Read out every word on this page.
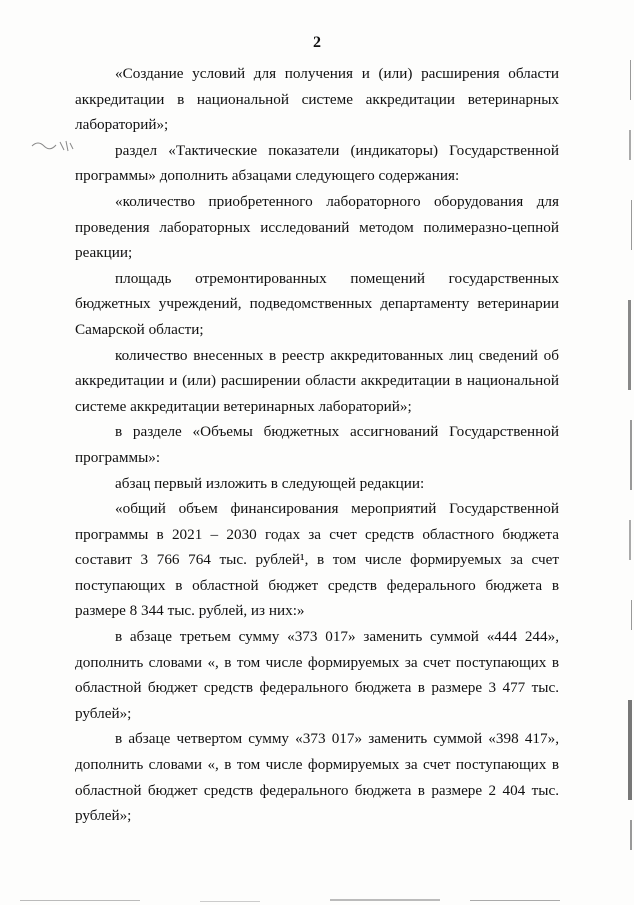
2

«Создание условий для получения и (или) расширения области аккредитации в национальной системе аккредитации ветеринарных лабораторий»;

раздел «Тактические показатели (индикаторы) Государственной программы» дополнить абзацами следующего содержания:

«количество приобретенного лабораторного оборудования для проведения лабораторных исследований методом полимеразно-цепной реакции;

площадь отремонтированных помещений государственных бюджетных учреждений, подведомственных департаменту ветеринарии Самарской области;

количество внесенных в реестр аккредитованных лиц сведений об аккредитации и (или) расширении области аккредитации в национальной системе аккредитации ветеринарных лабораторий»;

в разделе «Объемы бюджетных ассигнований Государственной программы»:

абзац первый изложить в следующей редакции:

«общий объем финансирования мероприятий Государственной программы в 2021 – 2030 годах за счет средств областного бюджета составит 3 766 764 тыс. рублей¹, в том числе формируемых за счет поступающих в областной бюджет средств федерального бюджета в размере 8 344 тыс. рублей, из них:»

в абзаце третьем сумму «373 017» заменить суммой «444 244», дополнить словами «, в том числе формируемых за счет поступающих в областной бюджет средств федерального бюджета в размере 3 477 тыс. рублей»;

в абзаце четвертом сумму «373 017» заменить суммой «398 417», дополнить словами «, в том числе формируемых за счет поступающих в областной бюджет средств федерального бюджета в размере 2 404 тыс. рублей»;
